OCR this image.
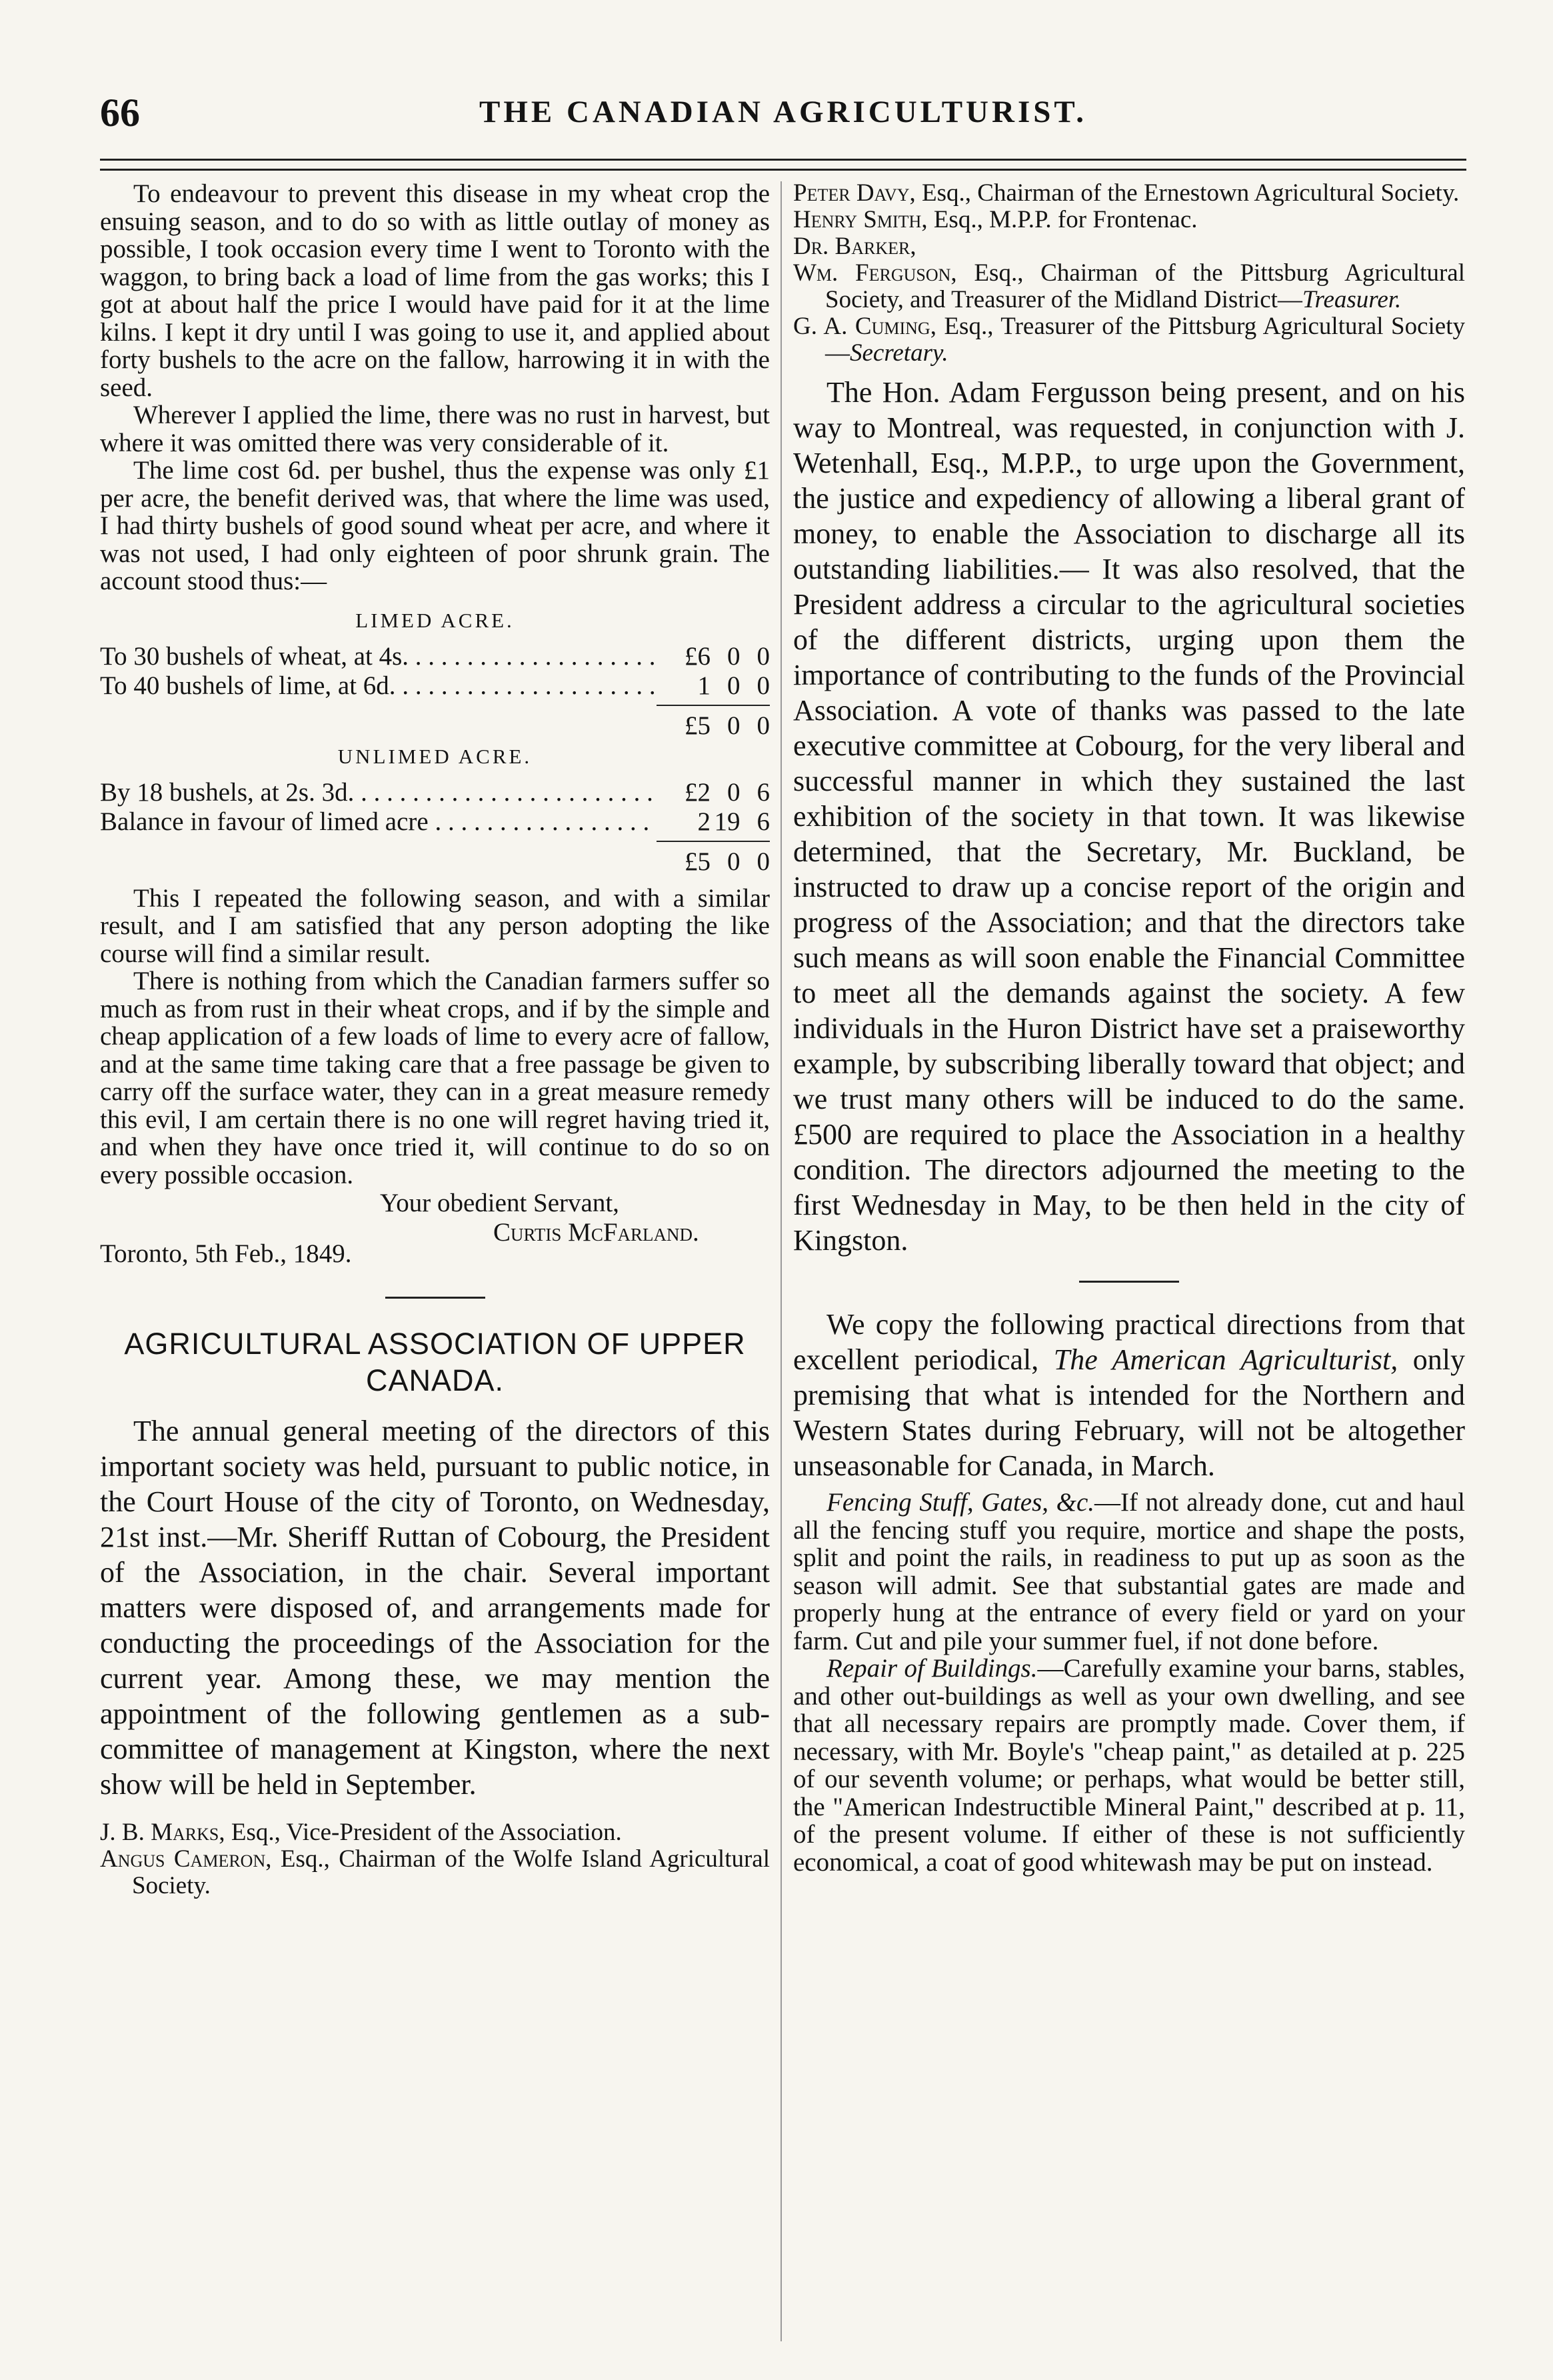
66	THE CANADIAN AGRICULTURIST.

To endeavour to prevent this disease in my wheat crop the ensuing season, and to do so with as little outlay of money as possible, I took occasion every time I went to Toronto with the waggon, to bring back a load of lime from the gas works; this I got at about half the price I would have paid for it at the lime kilns. I kept it dry until I was going to use it, and applied about forty bushels to the acre on the fallow, harrowing it in with the seed.

Wherever I applied the lime, there was no rust in harvest, but where it was omitted there was very considerable of it.

The lime cost 6d. per bushel, thus the expense was only £1 per acre, the benefit derived was, that where the lime was used, I had thirty bushels of good sound wheat per acre, and where it was not used, I had only eighteen of poor shrunk grain. The account stood thus:—

LIMED ACRE.
To 30 bushels of wheat, at 4s. . . .	£6 0 0
To 40 bushels of lime, at 6d. . . .	1 0 0
£5 0 0
UNLIMED ACRE.
By 18 bushels, at 2s. 3d. . . .	£2 0 6
Balance in favour of limed acre . . .	2 19 6
£5 0 0

This I repeated the following season, and with a similar result, and I am satisfied that any person adopting the like course will find a similar result.

There is nothing from which the Canadian farmers suffer so much as from rust in their wheat crops, and if by the simple and cheap application of a few loads of lime to every acre of fallow, and at the same time taking care that a free passage be given to carry off the surface water, they can in a great measure remedy this evil, I am certain there is no one will regret having tried it, and when they have once tried it, will continue to do so on every possible occasion.

Your obedient Servant,
Curtis McFarland.
Toronto, 5th Feb., 1849.
AGRICULTURAL ASSOCIATION OF UPPER CANADA.

The annual general meeting of the directors of this important society was held, pursuant to public notice, in the Court House of the city of Toronto, on Wednesday, 21st inst.—Mr. Sheriff Ruttan of Cobourg, the President of the Association, in the chair. Several important matters were disposed of, and arrangements made for conducting the proceedings of the Association for the current year. Among these, we may mention the appointment of the following gentlemen as a sub-committee of management at Kingston, where the next show will be held in September.

J. B. Marks, Esq., Vice-President of the Association.
Angus Cameron, Esq., Chairman of the Wolfe Island Agricultural Society.
Peter Davy, Esq., Chairman of the Ernestown Agricultural Society.
Henry Smith, Esq., M.P.P. for Frontenac.
Dr. Barker,
Wm. Ferguson, Esq., Chairman of the Pittsburg Agricultural Society, and Treasurer of the Midland District—Treasurer.
G. A. Cuming, Esq., Treasurer of the Pittsburg Agricultural Society—Secretary.

The Hon. Adam Fergusson being present, and on his way to Montreal, was requested, in conjunction with J. Wetenhall, Esq., M.P.P., to urge upon the Government, the justice and expediency of allowing a liberal grant of money, to enable the Association to discharge all its outstanding liabilities.— It was also resolved, that the President address a circular to the agricultural societies of the different districts, urging upon them the importance of contributing to the funds of the Provincial Association. A vote of thanks was passed to the late executive committee at Cobourg, for the very liberal and successful manner in which they sustained the last exhibition of the society in that town. It was likewise determined, that the Secretary, Mr. Buckland, be instructed to draw up a concise report of the origin and progress of the Association; and that the directors take such means as will soon enable the Financial Committee to meet all the demands against the society. A few individuals in the Huron District have set a praiseworthy example, by subscribing liberally toward that object; and we trust many others will be induced to do the same. £500 are required to place the Association in a healthy condition. The directors adjourned the meeting to the first Wednesday in May, to be then held in the city of Kingston.

We copy the following practical directions from that excellent periodical, The American Agriculturist, only premising that what is intended for the Northern and Western States during February, will not be altogether unseasonable for Canada, in March.

Fencing Stuff, Gates, &c.—If not already done, cut and haul all the fencing stuff you require, mortice and shape the posts, split and point the rails, in readiness to put up as soon as the season will admit. See that substantial gates are made and properly hung at the entrance of every field or yard on your farm. Cut and pile your summer fuel, if not done before.

Repair of Buildings.—Carefully examine your barns, stables, and other out-buildings as well as your own dwelling, and see that all necessary repairs are promptly made. Cover them, if necessary, with Mr. Boyle's "cheap paint," as detailed at p. 225 of our seventh volume; or perhaps, what would be better still, the "American Indestructible Mineral Paint," described at p. 11, of the present volume. If either of these is not sufficiently economical, a coat of good whitewash may be put on instead.
